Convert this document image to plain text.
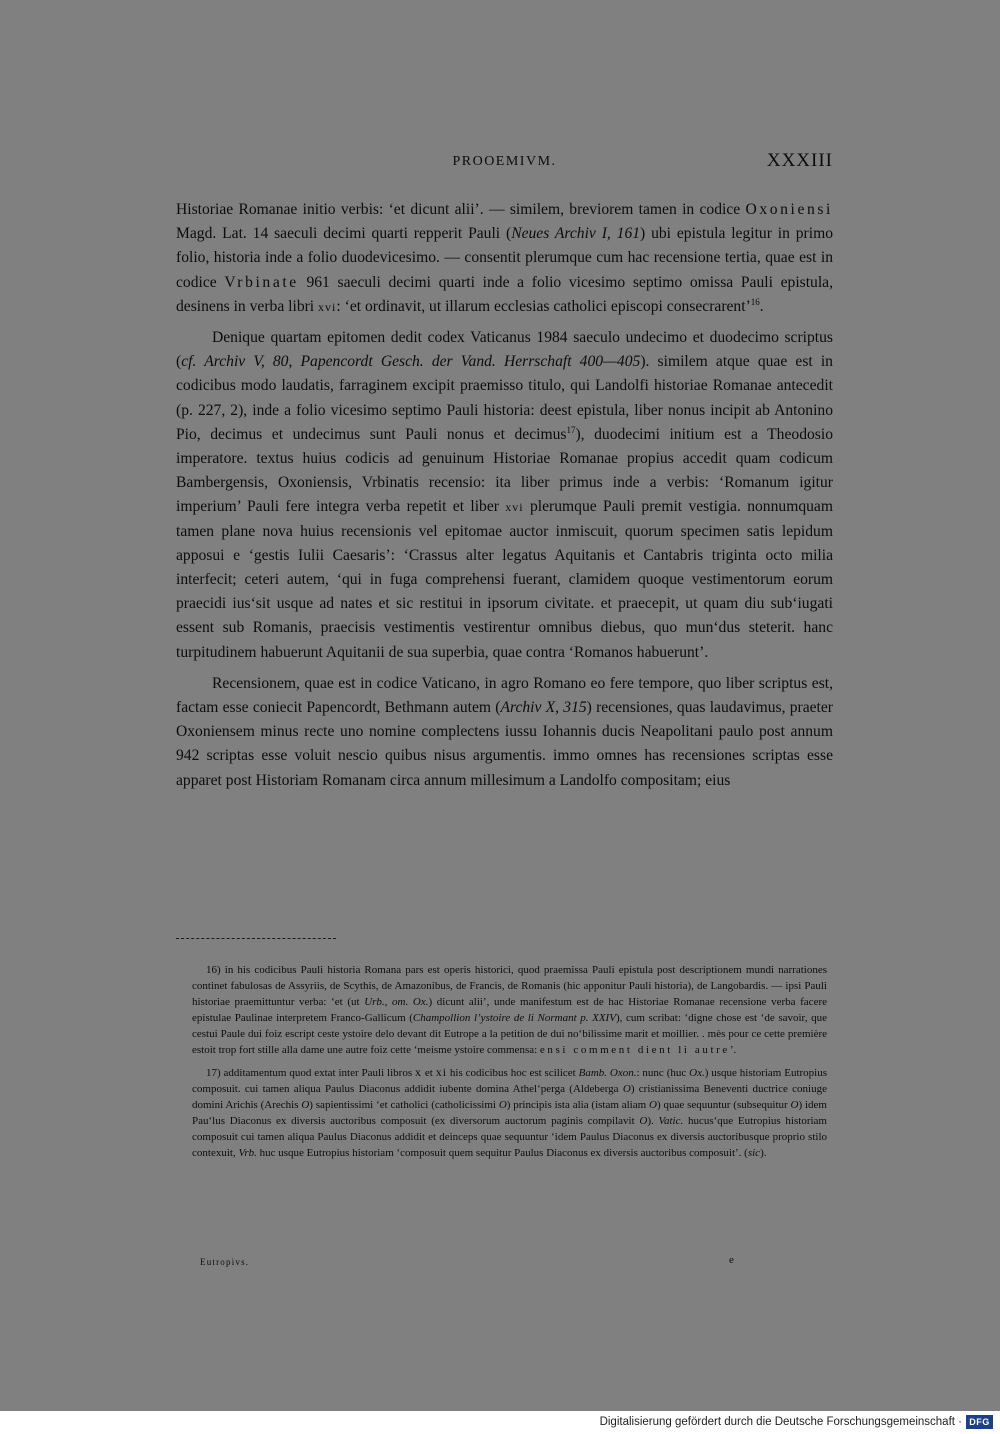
PROOEMIVM.	XXXIII

Historiae Romanae initio verbis: ‘et dicunt alii’. — similem, breviorem tamen in codice Oxoniensi Magd. Lat. 14 saeculi decimi quarti repperit Pauli (Neues Archiv I, 161) ubi epistula legitur in primo folio, historia inde a folio duodevicesimo. — consentit plerumque cum hac recensione tertia, quae est in codice Vrbinate 961 saeculi decimi quarti inde a folio vicesimo septimo omissa Pauli epistula, desinens in verba libri xvi: ‘et ordinavit, ut illarum ecclesias catholici episcopi consecrarent’$^{16}$.

Denique quartam epitomen dedit codex Vaticanus 1984 saeculo undecimo et duodecimo scriptus (cf. Archiv V, 80, Papencordt Gesch. der Vand. Herrschaft 400—405). similem atque quae est in codicibus modo laudatis, farraginem excipit praemisso titulo, qui Landolfi historiae Romanae antecedit (p. 227, 2), inde a folio vicesimo septimo Pauli historia: deest epistula, liber nonus incipit ab Antonino Pio, decimus et undecimus sunt Pauli nonus et decimus$^{17}$), duodecimi initium est a Theodosio imperatore. textus huius codicis ad genuinum Historiae Romanae propius accedit quam codicum Bambergensis, Oxoniensis, Vrbinatis recensio: ita liber primus inde a verbis: ‘Romanum igitur imperium’ Pauli fere integra verba repetit et liber xvi plerumque Pauli premit vestigia. nonnumquam tamen plane nova huius recensionis vel epitomae auctor inmiscuit, quorum specimen satis lepidum apposui e ‘gestis Iulii Caesaris’: ‘Crassus alter legatus Aquitanis et Cantabris triginta octo milia interfecit; ceteri autem, ‘qui in fuga comprehensi fuerant, clamidem quoque vestimentorum eorum praecidi ius‘sit usque ad nates et sic restitui in ipsorum civitate. et praecepit, ut quam diu sub‘iugati essent sub Romanis, praecisis vestimentis vestirentur omnibus diebus, quo mun‘dus steterit. hanc turpitudinem habuerunt Aquitanii de sua superbia, quae contra ‘Romanos habuerunt’.

Recensionem, quae est in codice Vaticano, in agro Romano eo fere tempore, quo liber scriptus est, factam esse coniecit Papencordt, Bethmann autem (Archiv X, 315) recensiones, quas laudavimus, praeter Oxoniensem minus recte uno nomine complectens iussu Iohannis ducis Neapolitani paulo post annum 942 scriptas esse voluit nescio quibus nisus argumentis. immo omnes has recensiones scriptas esse apparet post Historiam Romanam circa annum millesimum a Landolfo compositam; eius

16) in his codicibus Pauli historia Romana pars est operis historici, quod praemissa Pauli epistula post descriptionem mundi narrationes continet fabulosas de Assyriis, de Scythis, de Amazonibus, de Francis, de Romanis (hic apponitur Pauli historia), de Langobardis. — ipsi Pauli historiae praemittuntur verba: ‘et (ut Urb., om. Ox.) dicunt alii’, unde manifestum est de hac Historiae Romanae recensione verba facere epistulae Paulinae interpretem Franco-Gallicum (Champollion l’ystoire de li Normant p. XXIV), cum scribat: ‘digne chose est ‘de savoir, que cestui Paule dui foiz escript ceste ystoire delo devant dit Eutrope a la petition de dui no‘bilissime marit et moillier. . mès pour ce cette première estoit trop fort stille alla dame une autre foiz cette ‘meisme ystoire commensa: ensi comment dient li autre’.

17) additamentum quod extat inter Pauli libros x et xi his codicibus hoc est scilicet Bamb. Oxon.: nunc (huc Ox.) usque historiam Eutropius composuit. cui tamen aliqua Paulus Diaconus addidit iubente domina Athel‘perga (Aldeberga O) cristianissima Beneventi ductrice coniuge domini Arichis (Arechis O) sapientissimi ‘et catholici (catholicissimi O) principis ista alia (istam aliam O) quae sequuntur (subsequitur O) idem Pau‘lus Diaconus ex diversis auctoribus composuit (ex diversorum auctorum paginis compilavit O). Vatic. hucus‘que Eutropius historiam composuit cui tamen aliqua Paulus Diaconus addidit et deinceps quae sequuntur ‘idem Paulus Diaconus ex diversis auctoribusque proprio stilo contexuit, Vrb. huc usque Eutropius historiam ‘composuit quem sequitur Paulus Diaconus ex diversis auctoribus composuit’. (sic).

Eutropivs.	e
Digitalisierung gefördert durch die Deutsche Forschungsgemeinschaft · DFG
